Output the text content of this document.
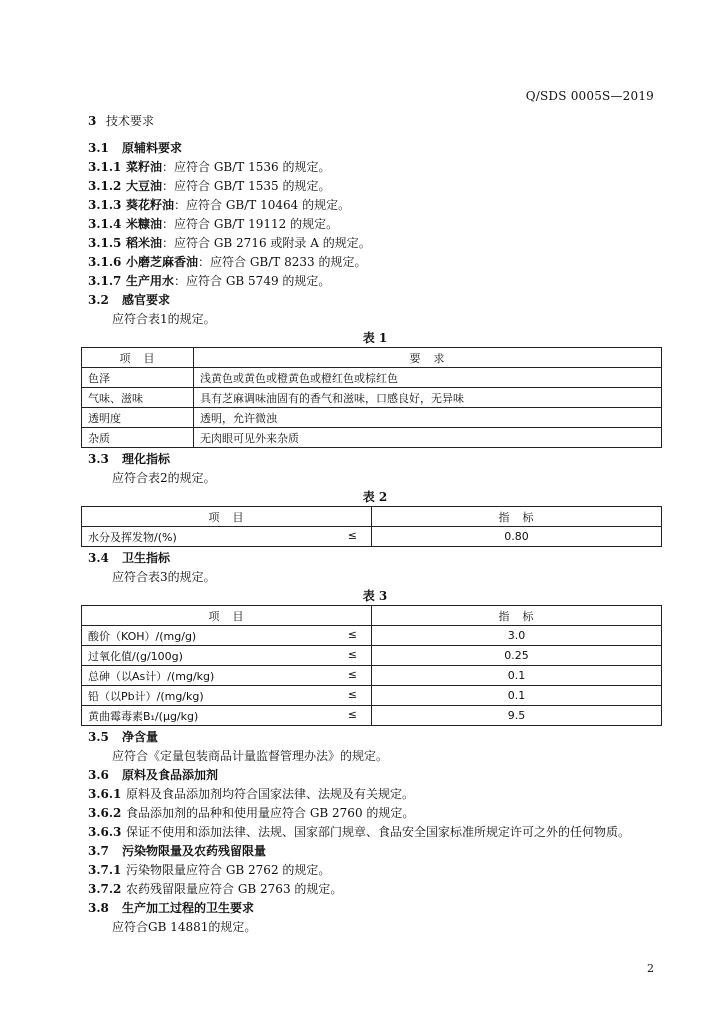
Q/SDS 0005S—2019
3 技术要求
3.1 原辅料要求
3.1.1 菜籽油：应符合 GB/T 1536 的规定。
3.1.2 大豆油：应符合 GB/T 1535 的规定。
3.1.3 葵花籽油：应符合 GB/T 10464 的规定。
3.1.4 米糠油：应符合 GB/T 19112 的规定。
3.1.5 稻米油：应符合 GB 2716 或附录 A 的规定。
3.1.6 小磨芝麻香油：应符合 GB/T 8233 的规定。
3.1.7 生产用水：应符合 GB 5749 的规定。
3.2 感官要求
应符合表1的规定。
表 1
项　目	要　求
色泽	浅黄色或黄色或橙黄色或橙红色或棕红色
气味、滋味	具有芝麻调味油固有的香气和滋味，口感良好，无异味
透明度	透明，允许微浊
杂质	无肉眼可见外来杂质
3.3 理化指标
应符合表2的规定。
表 2
项　目	指　标
水分及挥发物/(%) ≤	0.80
3.4 卫生指标
应符合表3的规定。
表 3
项　目	指　标
酸价（KOH）/(mg/g) ≤	3.0
过氧化值/(g/100g) ≤	0.25
总砷（以As计）/(mg/kg) ≤	0.1
铅（以Pb计）/(mg/kg) ≤	0.1
黄曲霉毒素B₁/(μg/kg) ≤	9.5
3.5 净含量
应符合《定量包装商品计量监督管理办法》的规定。
3.6 原料及食品添加剂
3.6.1 原料及食品添加剂均符合国家法律、法规及有关规定。
3.6.2 食品添加剂的品种和使用量应符合 GB 2760 的规定。
3.6.3 保证不使用和添加法律、法规、国家部门规章、食品安全国家标准所规定许可之外的任何物质。
3.7 污染物限量及农药残留限量
3.7.1 污染物限量应符合 GB 2762 的规定。
3.7.2 农药残留限量应符合 GB 2763 的规定。
3.8 生产加工过程的卫生要求
应符合GB 14881的规定。
2
